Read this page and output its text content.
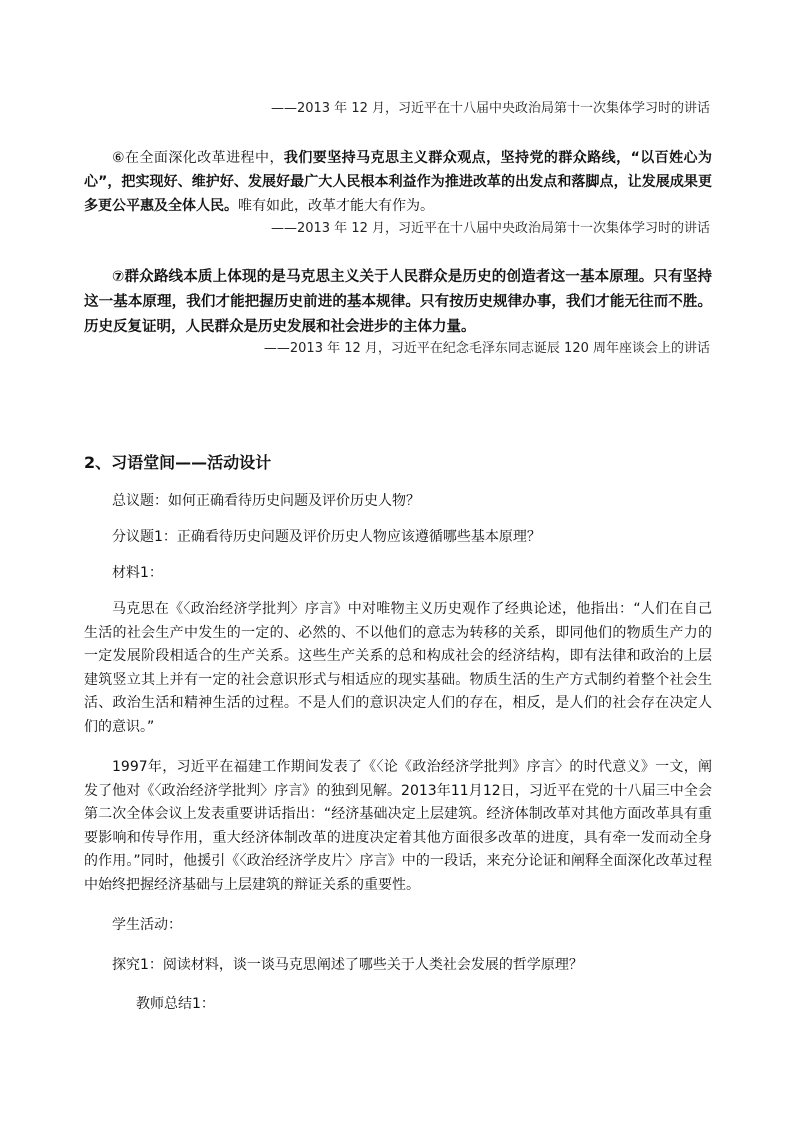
——2013 年 12 月，习近平在十八届中央政治局第十一次集体学习时的讲话
⑥在全面深化改革进程中，我们要坚持马克思主义群众观点，坚持党的群众路线，“以百姓心为心”，把实现好、维护好、发展好最广大人民根本利益作为推进改革的出发点和落脚点，让发展成果更多更公平惠及全体人民。唯有如此，改革才能大有作为。
——2013 年 12 月，习近平在十八届中央政治局第十一次集体学习时的讲话
⑦群众路线本质上体现的是马克思主义关于人民群众是历史的创造者这一基本原理。只有坚持这一基本原理，我们才能把握历史前进的基本规律。只有按历史规律办事，我们才能无往而不胜。历史反复证明，人民群众是历史发展和社会进步的主体力量。
——2013 年 12 月，习近平在纪念毛泽东同志诞辰 120 周年座谈会上的讲话
2、习语堂间——活动设计
总议题：如何正确看待历史问题及评价历史人物？
分议题1：正确看待历史问题及评价历史人物应该遵循哪些基本原理？
材料1：
马克思在《〈政治经济学批判〉序言》中对唯物主义历史观作了经典论述，他指出：“人们在自己生活的社会生产中发生的一定的、必然的、不以他们的意志为转移的关系，即同他们的物质生产力的一定发展阶段相适合的生产关系。这些生产关系的总和构成社会的经济结构，即有法律和政治的上层建筑竖立其上并有一定的社会意识形式与相适应的现实基础。物质生活的生产方式制约着整个社会生活、政治生活和精神生活的过程。不是人们的意识决定人们的存在，相反，是人们的社会存在决定人们的意识。”
1997年，习近平在福建工作期间发表了《〈论《政治经济学批判》序言〉的时代意义》一文，阐发了他对《〈政治经济学批判〉序言》的独到见解。2013年11月12日，习近平在党的十八届三中全会第二次全体会议上发表重要讲话指出：“经济基础决定上层建筑。经济体制改革对其他方面改革具有重要影响和传导作用，重大经济体制改革的进度决定着其他方面很多改革的进度，具有牵一发而动全身的作用。”同时，他援引《〈政治经济学皮片〉序言》中的一段话，来充分论证和阐释全面深化改革过程中始终把握经济基础与上层建筑的辩证关系的重要性。
学生活动：
探究1：阅读材料，谈一谈马克思阐述了哪些关于人类社会发展的哲学原理？
教师总结1：
